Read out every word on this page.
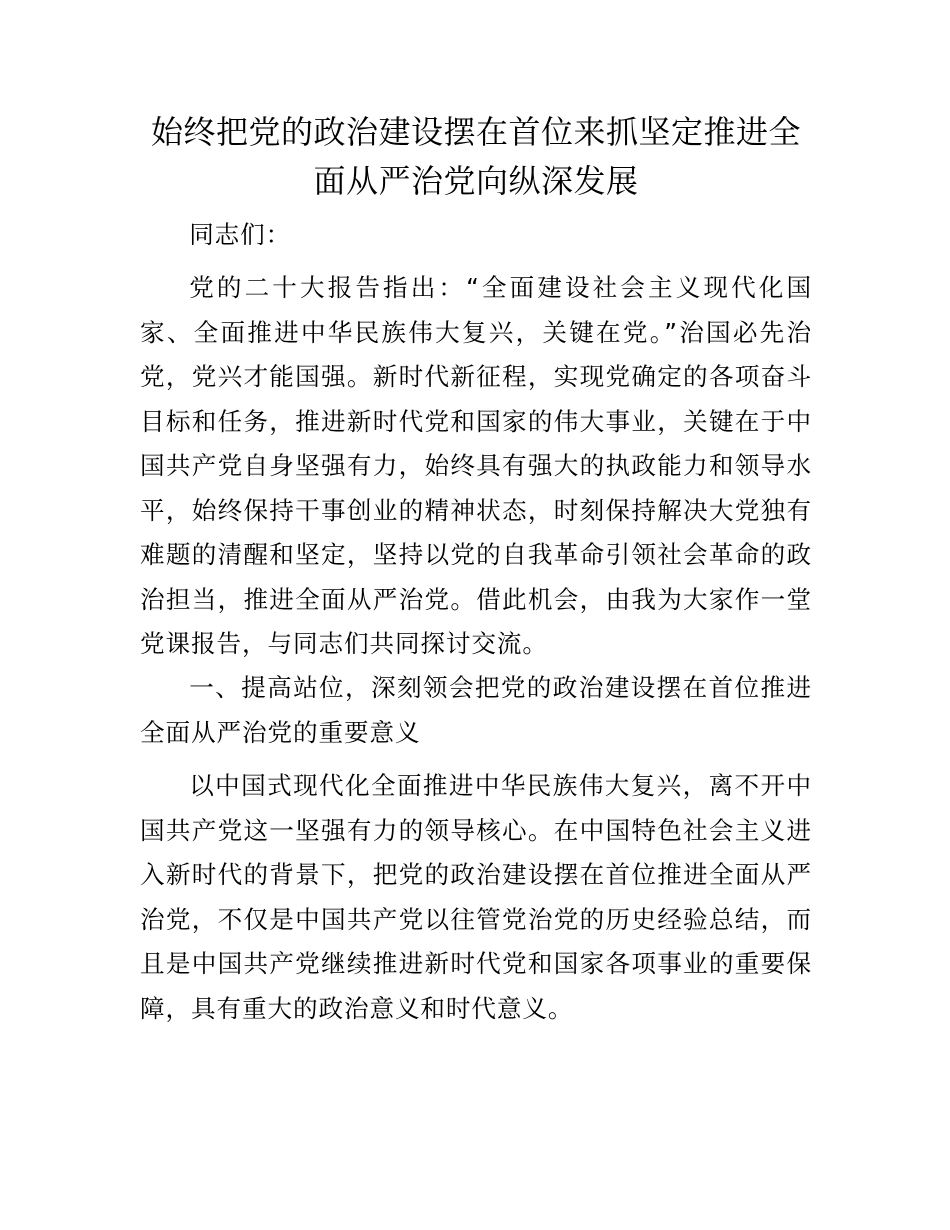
始终把党的政治建设摆在首位来抓坚定推进全面从严治党向纵深发展

同志们：

党的二十大报告指出：“全面建设社会主义现代化国家、全面推进中华民族伟大复兴，关键在党。”治国必先治党，党兴才能国强。新时代新征程，实现党确定的各项奋斗目标和任务，推进新时代党和国家的伟大事业，关键在于中国共产党自身坚强有力，始终具有强大的执政能力和领导水平，始终保持干事创业的精神状态，时刻保持解决大党独有难题的清醒和坚定，坚持以党的自我革命引领社会革命的政治担当，推进全面从严治党。借此机会，由我为大家作一堂党课报告，与同志们共同探讨交流。

一、提高站位，深刻领会把党的政治建设摆在首位推进全面从严治党的重要意义

以中国式现代化全面推进中华民族伟大复兴，离不开中国共产党这一坚强有力的领导核心。在中国特色社会主义进入新时代的背景下，把党的政治建设摆在首位推进全面从严治党，不仅是中国共产党以往管党治党的历史经验总结，而且是中国共产党继续推进新时代党和国家各项事业的重要保障，具有重大的政治意义和时代意义。
